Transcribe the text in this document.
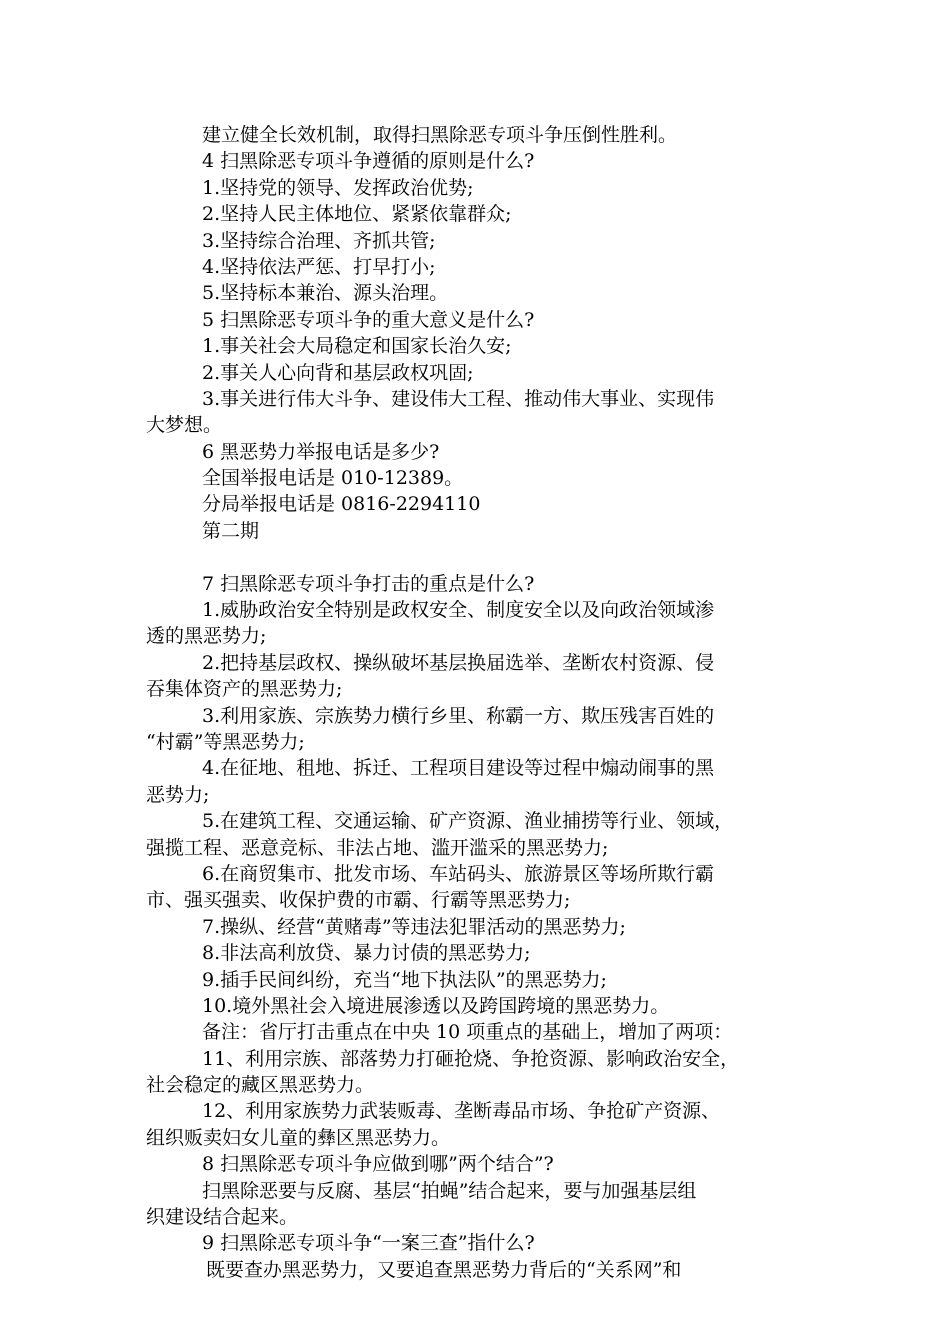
建立健全长效机制，取得扫黑除恶专项斗争压倒性胜利。
4 扫黑除恶专项斗争遵循的原则是什么?
1.坚持党的领导、发挥政治优势;
2.坚持人民主体地位、紧紧依靠群众;
3.坚持综合治理、齐抓共管;
4.坚持依法严惩、打早打小;
5.坚持标本兼治、源头治理。
5 扫黑除恶专项斗争的重大意义是什么?
1.事关社会大局稳定和国家长治久安;
2.事关人心向背和基层政权巩固;
3.事关进行伟大斗争、建设伟大工程、推动伟大事业、实现伟
大梦想。
6 黑恶势力举报电话是多少?
全国举报电话是 010-12389。
分局举报电话是 0816-2294110
第二期
7 扫黑除恶专项斗争打击的重点是什么?
1.威胁政治安全特别是政权安全、制度安全以及向政治领域渗
透的黑恶势力;
2.把持基层政权、操纵破坏基层换届选举、垄断农村资源、侵
吞集体资产的黑恶势力;
3.利用家族、宗族势力横行乡里、称霸一方、欺压残害百姓的
“村霸”等黑恶势力;
4.在征地、租地、拆迁、工程项目建设等过程中煽动闹事的黑
恶势力;
5.在建筑工程、交通运输、矿产资源、渔业捕捞等行业、领域，
强揽工程、恶意竞标、非法占地、滥开滥采的黑恶势力;
6.在商贸集市、批发市场、车站码头、旅游景区等场所欺行霸
市、强买强卖、收保护费的市霸、行霸等黑恶势力;
7.操纵、经营“黄赌毒”等违法犯罪活动的黑恶势力;
8.非法高利放贷、暴力讨债的黑恶势力;
9.插手民间纠纷，充当“地下执法队”的黑恶势力;
10.境外黑社会入境进展渗透以及跨国跨境的黑恶势力。
备注：省厅打击重点在中央 10 项重点的基础上，增加了两项：
11、利用宗族、部落势力打砸抢烧、争抢资源、影响政治安全，
社会稳定的藏区黑恶势力。
12、利用家族势力武装贩毒、垄断毒品市场、争抢矿产资源、
组织贩卖妇女儿童的彝区黑恶势力。
8 扫黑除恶专项斗争应做到哪”两个结合”?
扫黑除恶要与反腐、基层“拍蝇”结合起来，要与加强基层组
织建设结合起来。
9 扫黑除恶专项斗争“一案三查”指什么?
既要查办黑恶势力，又要追查黑恶势力背后的“关系网”和
